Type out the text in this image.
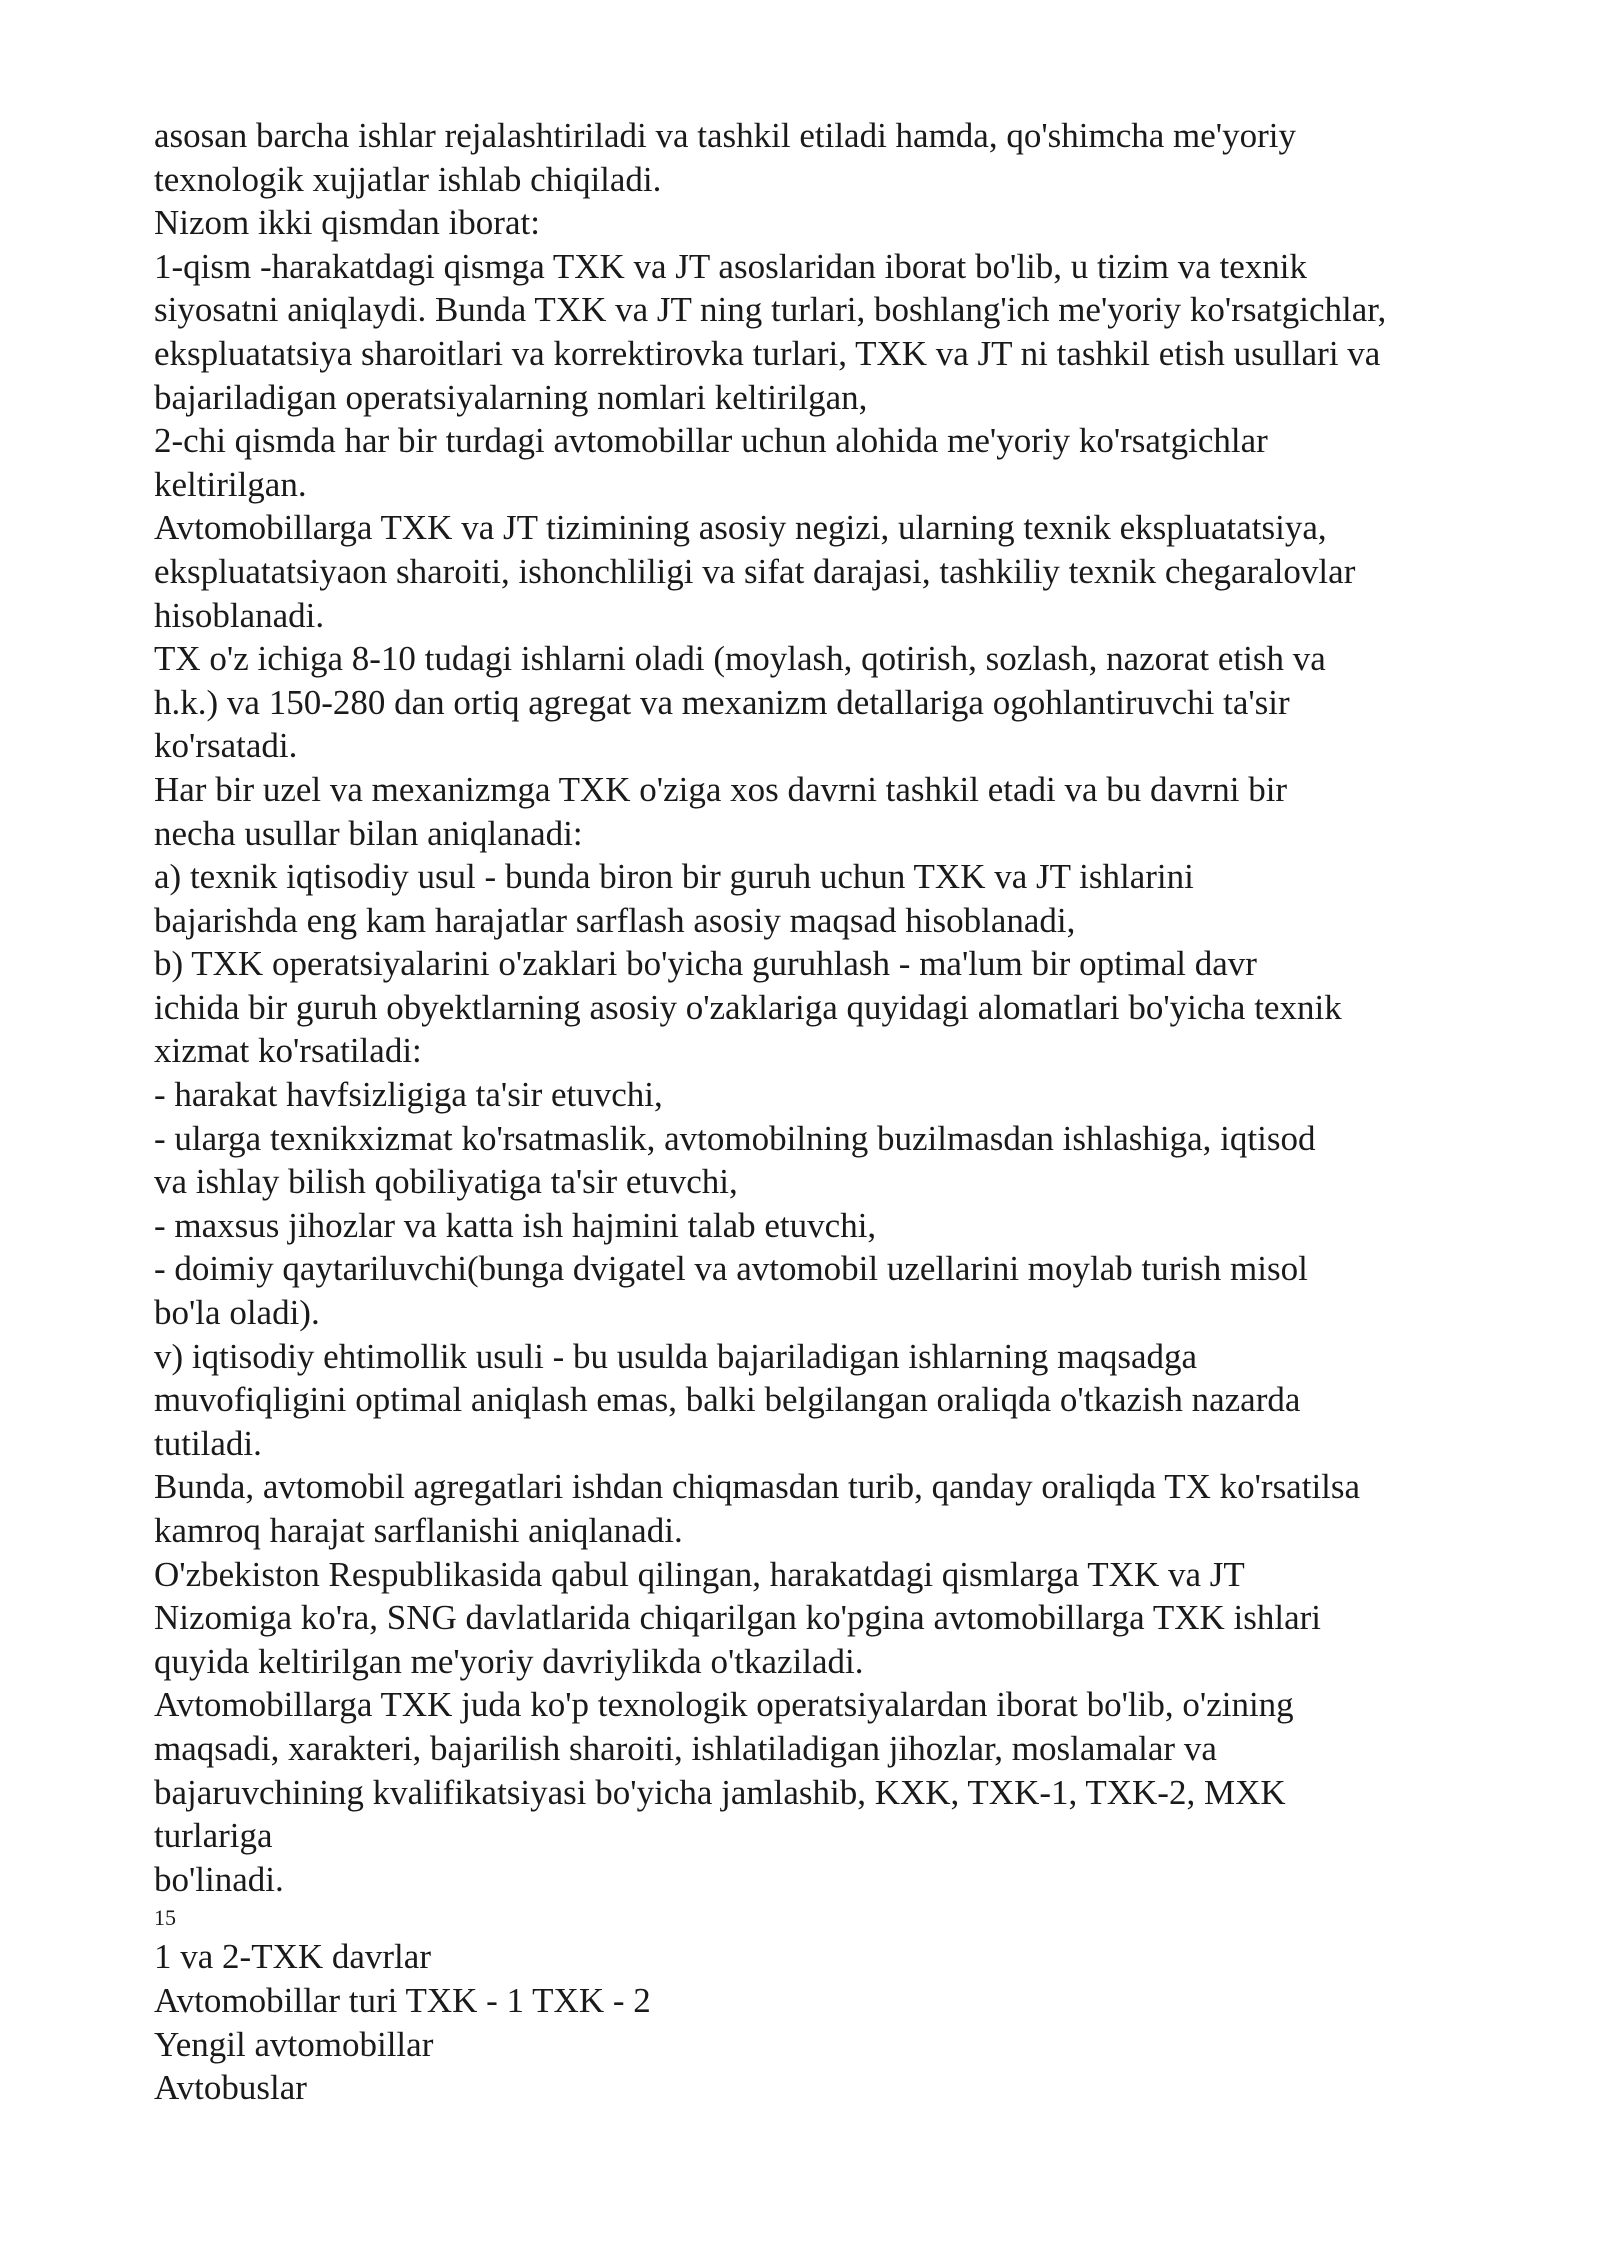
asosan barcha ishlar rejalashtiriladi va tashkil etiladi hamda, qo'shimcha me'yoriy
texnologik xujjatlar ishlab chiqiladi.
Nizom ikki qismdan iborat:
1-qism -harakatdagi qismga TXK va JT asoslaridan iborat bo'lib, u tizim va texnik
siyosatni aniqlaydi. Bunda TXK va JT ning turlari, boshlang'ich me'yoriy ko'rsatgichlar,
ekspluatatsiya sharoitlari va korrektirovka turlari, TXK va JT ni tashkil etish usullari va
bajariladigan operatsiyalarning nomlari keltirilgan,
2-chi qismda har bir turdagi avtomobillar uchun alohida me'yoriy ko'rsatgichlar
keltirilgan.
Avtomobillarga TXK va JT tizimining asosiy negizi, ularning texnik ekspluatatsiya,
ekspluatatsiyaon sharoiti, ishonchliligi va sifat darajasi, tashkiliy texnik chegaralovlar
hisoblanadi.
TX o'z ichiga 8-10 tudagi ishlarni oladi (moylash, qotirish, sozlash, nazorat etish va
h.k.) va 150-280 dan ortiq agregat va mexanizm detallariga ogohlantiruvchi ta'sir
ko'rsatadi.
Har bir uzel va mexanizmga TXK o'ziga xos davrni tashkil etadi va bu davrni bir
necha usullar bilan aniqlanadi:
a) texnik iqtisodiy usul - bunda biron bir guruh uchun TXK va JT ishlarini
bajarishda eng kam harajatlar sarflash asosiy maqsad hisoblanadi,
b) TXK operatsiyalarini o'zaklari bo'yicha guruhlash - ma'lum bir optimal davr
ichida bir guruh obyektlarning asosiy o'zaklariga quyidagi alomatlari bo'yicha texnik
xizmat ko'rsatiladi:
- harakat havfsizligiga ta'sir etuvchi,
- ularga texnikxizmat ko'rsatmaslik, avtomobilning buzilmasdan ishlashiga, iqtisod
va ishlay bilish qobiliyatiga ta'sir etuvchi,
- maxsus jihozlar va katta ish hajmini talab etuvchi,
- doimiy qaytariluvchi(bunga dvigatel va avtomobil uzellarini moylab turish misol
bo'la oladi).
v) iqtisodiy ehtimollik usuli - bu usulda bajariladigan ishlarning maqsadga
muvofiqligini optimal aniqlash emas, balki belgilangan oraliqda o'tkazish nazarda
tutiladi.
Bunda, avtomobil agregatlari ishdan chiqmasdan turib, qanday oraliqda TX ko'rsatilsa
kamroq harajat sarflanishi aniqlanadi.
O'zbekiston Respublikasida qabul qilingan, harakatdagi qismlarga TXK va JT
Nizomiga ko'ra, SNG davlatlarida chiqarilgan ko'pgina avtomobillarga TXK ishlari
quyida keltirilgan me'yoriy davriylikda o'tkaziladi.
Avtomobillarga TXK juda ko'p texnologik operatsiyalardan iborat bo'lib, o'zining
maqsadi, xarakteri, bajarilish sharoiti, ishlatiladigan jihozlar, moslamalar va
bajaruvchining kvalifikatsiyasi bo'yicha jamlashib, KXK, TXK-1, TXK-2, MXK
turlariga
bo'linadi.
15
1 va 2-TXK davrlar
Avtomobillar turi TXK - 1 TXK - 2
Yengil avtomobillar
Avtobuslar
